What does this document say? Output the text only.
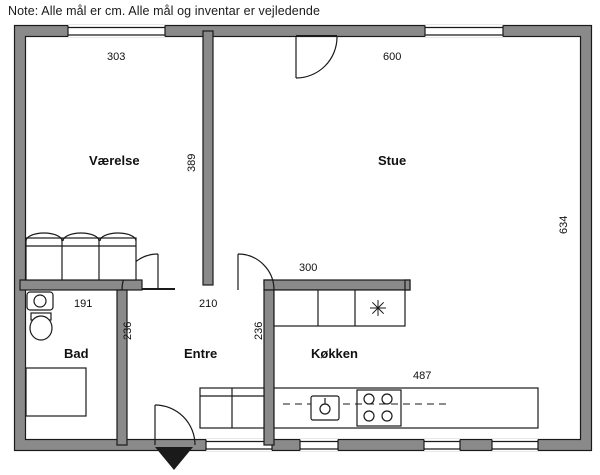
Note: Alle mål er cm. Alle mål og inventar er vejledende
Værelse	Stue
Bad	Entre	Køkken
303	600
389
634
191	210
300
236	236
487
